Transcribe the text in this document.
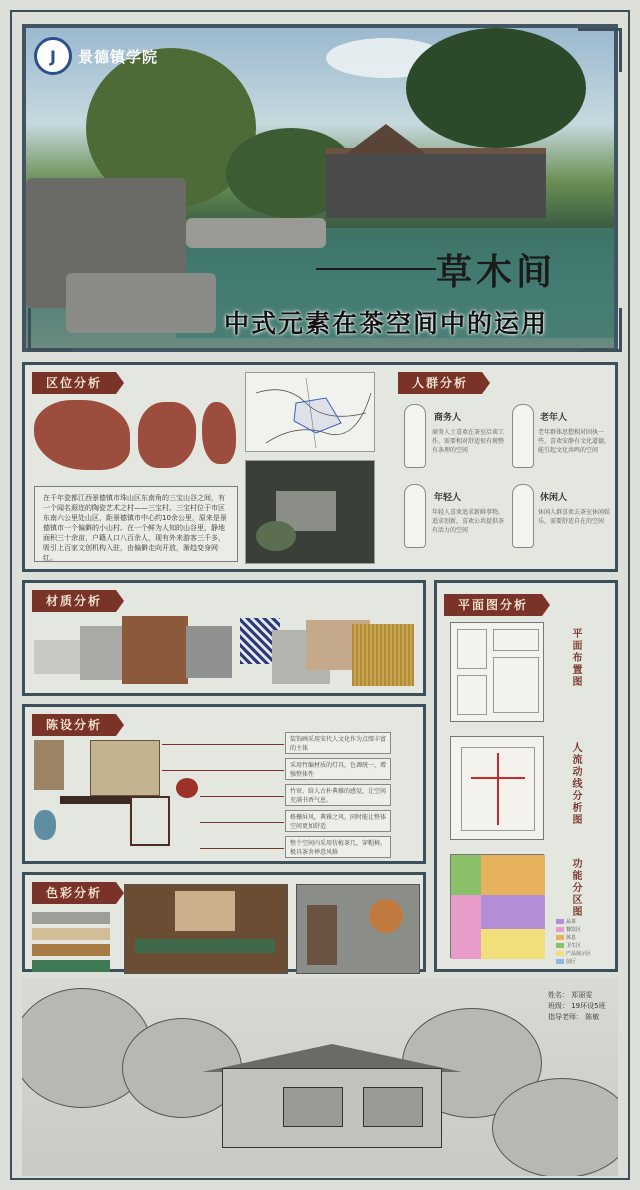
J	景德镇学院
草木间
中式元素在茶空间中的运用
区位分析
在千年瓷都江西景德镇市珠山区东南角的三宝山谷之间，有一个闻名遐迩的陶瓷艺术之村——三宝村。三宝村位于市区东南六公里处山区，距景德镇市中心约10余公里，原来是景德镇市一个偏僻的小山村。在一个鲜为人知的山谷里，静地面积三十余亩，户籍人口八百余人，现有外来游客三千多，吸引上百家文创机构入驻，由偏僻走向开放，渐趋变身网红。
人群分析
商务人
商务人士喜欢在茶室洽谈工作，需要相对舒适很有规整有条理的空间
老年人
老年群体思想相对固执一些，喜欢安静有文化道德，能引起文化共鸣的空间
年轻人
年轻人喜欢追求新鲜事物，追求创新，喜欢公共提供茶有活力的空间
休闲人
休闲人群喜欢去茶室休闲娱乐，需要舒适自在的空间
材质分析
陈设分析
装饰画采用宋代人文化作为点缀丰富的主体
采用竹编材质的灯具，色调统一，增强整体性
竹帘，给人古朴典雅的感觉，让空间充满书香气息。
格栅屏风，典雅之风，同时能让整体空间更加舒适
整个空间内采用仿植茶几，穿帽椅。极具茶舍禅意风格
色彩分析
平面图分析
平面布置图
人流动线分析图
功能分区图
品茶
餐饮区
休息
卫生区
产品展示区
前厅
姓名： 郑丽雯
班级： 19环设5班
指导老师： 陈敏
